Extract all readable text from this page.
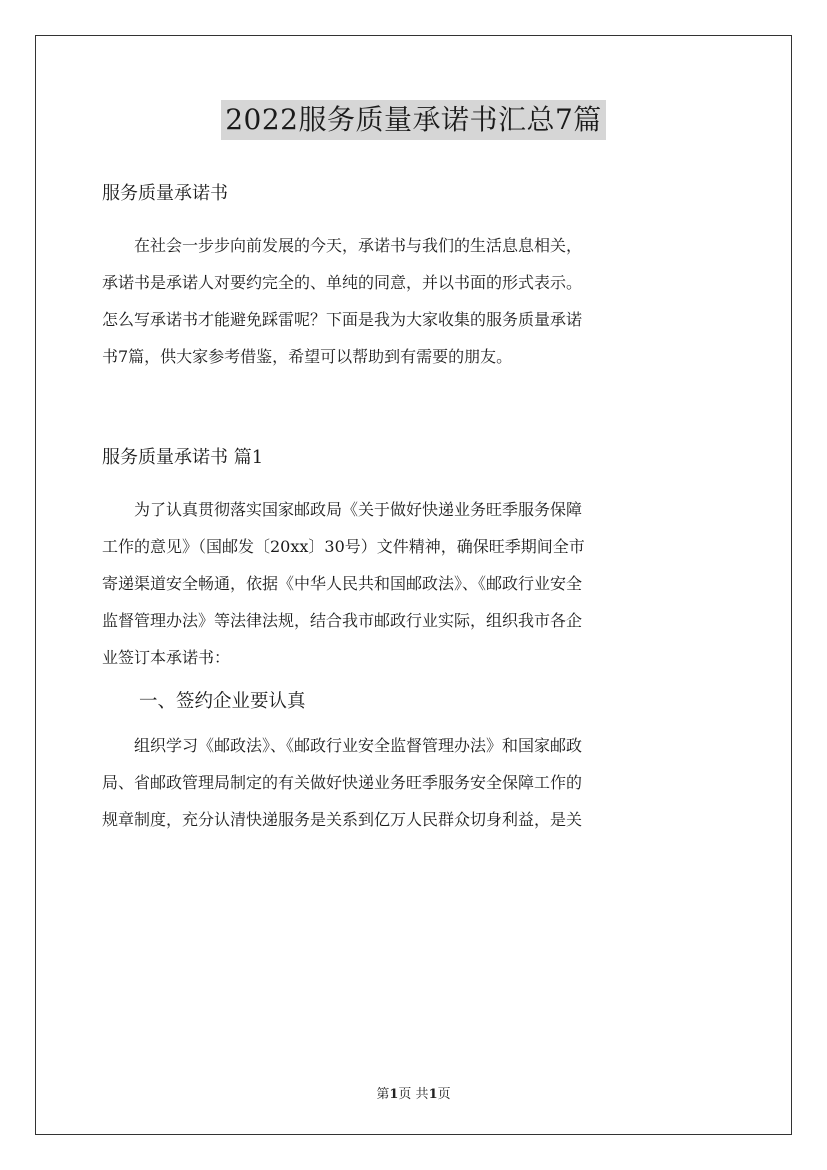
2022服务质量承诺书汇总7篇

服务质量承诺书

在社会一步步向前发展的今天，承诺书与我们的生活息息相关，
承诺书是承诺人对要约完全的、单纯的同意，并以书面的形式表示。
怎么写承诺书才能避免踩雷呢？下面是我为大家收集的服务质量承诺
书7篇，供大家参考借鉴，希望可以帮助到有需要的朋友。

服务质量承诺书 篇1

为了认真贯彻落实国家邮政局《关于做好快递业务旺季服务保障
工作的意见》（国邮发〔20xx〕30号）文件精神，确保旺季期间全市
寄递渠道安全畅通，依据《中华人民共和国邮政法》、《邮政行业安全
监督管理办法》等法律法规，结合我市邮政行业实际，组织我市各企
业签订本承诺书：

一、签约企业要认真

组织学习《邮政法》、《邮政行业安全监督管理办法》和国家邮政
局、省邮政管理局制定的有关做好快递业务旺季服务安全保障工作的
规章制度，充分认清快递服务是关系到亿万人民群众切身利益，是关
第1页 共1页
